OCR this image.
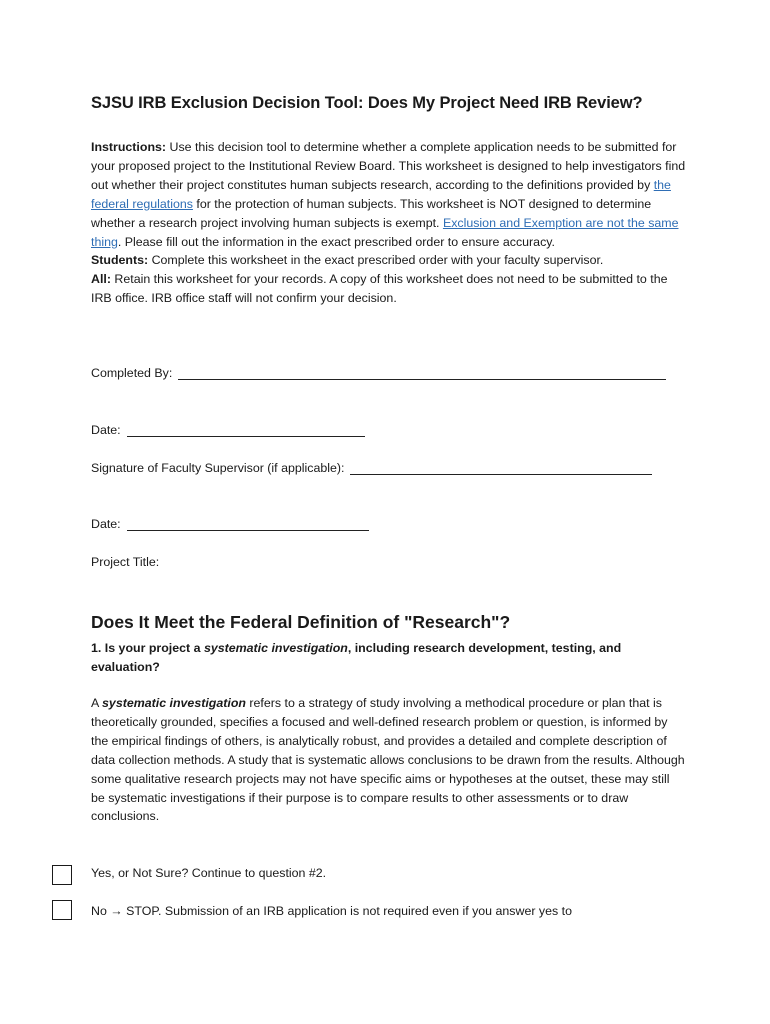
SJSU IRB Exclusion Decision Tool: Does My Project Need IRB Review?
Instructions: Use this decision tool to determine whether a complete application needs to be submitted for your proposed project to the Institutional Review Board. This worksheet is designed to help investigators find out whether their project constitutes human subjects research, according to the definitions provided by the federal regulations for the protection of human subjects. This worksheet is NOT designed to determine whether a research project involving human subjects is exempt. Exclusion and Exemption are not the same thing. Please fill out the information in the exact prescribed order to ensure accuracy.
Students: Complete this worksheet in the exact prescribed order with your faculty supervisor.
All: Retain this worksheet for your records. A copy of this worksheet does not need to be submitted to the IRB office. IRB office staff will not confirm your decision.
Completed By:
Date:
Signature of Faculty Supervisor (if applicable):
Date:
Project Title:
Does It Meet the Federal Definition of "Research"?
1. Is your project a systematic investigation, including research development, testing, and evaluation?
A systematic investigation refers to a strategy of study involving a methodical procedure or plan that is theoretically grounded, specifies a focused and well-defined research problem or question, is informed by the empirical findings of others, is analytically robust, and provides a detailed and complete description of data collection methods. A study that is systematic allows conclusions to be drawn from the results. Although some qualitative research projects may not have specific aims or hypotheses at the outset, these may still be systematic investigations if their purpose is to compare results to other assessments or to draw conclusions.
Yes, or Not Sure? Continue to question #2.
No → STOP. Submission of an IRB application is not required even if you answer yes to
